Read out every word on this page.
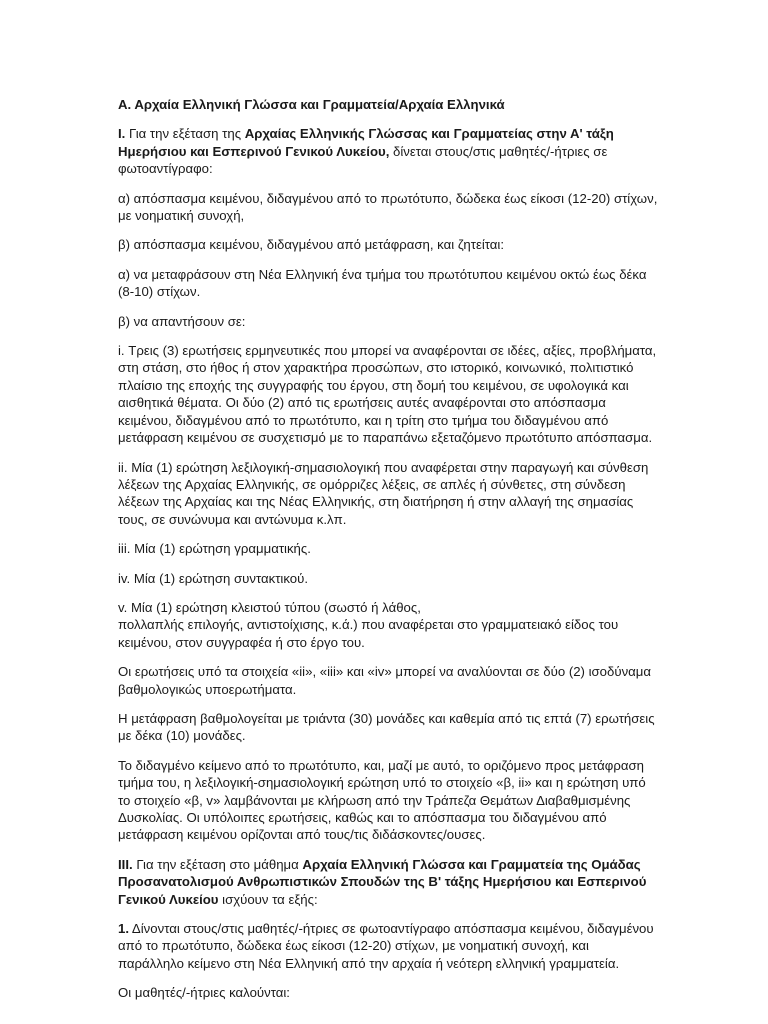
Α. Αρχαία Ελληνική Γλώσσα και Γραμματεία/Αρχαία Ελληνικά

Ι. Για την εξέταση της Αρχαίας Ελληνικής Γλώσσας και Γραμματείας στην Α' τάξη Ημερήσιου και Εσπερινού Γενικού Λυκείου, δίνεται στους/στις μαθητές/-ήτριες σε φωτοαντίγραφο:

α) απόσπασμα κειμένου, διδαγμένου από το πρωτότυπο, δώδεκα έως είκοσι (12-20) στίχων, με νοηματική συνοχή,

β) απόσπασμα κειμένου, διδαγμένου από μετάφραση, και ζητείται:

α) να μεταφράσουν στη Νέα Ελληνική ένα τμήμα του πρωτότυπου κειμένου οκτώ έως δέκα (8-10) στίχων.

β) να απαντήσουν σε:

i. Τρεις (3) ερωτήσεις ερμηνευτικές που μπορεί να αναφέρονται σε ιδέες, αξίες, προβλήματα, στη στάση, στο ήθος ή στον χαρακτήρα προσώπων, στο ιστορικό, κοινωνικό, πολιτιστικό πλαίσιο της εποχής της συγγραφής του έργου, στη δομή του κειμένου, σε υφολογικά και αισθητικά θέματα. Οι δύο (2) από τις ερωτήσεις αυτές αναφέρονται στο απόσπασμα κειμένου, διδαγμένου από το πρωτότυπο, και η τρίτη στο τμήμα του διδαγμένου από μετάφραση κειμένου σε συσχετισμό με το παραπάνω εξεταζόμενο πρωτότυπο απόσπασμα.

ii. Μία (1) ερώτηση λεξιλογική-σημασιολογική που αναφέρεται στην παραγωγή και σύνθεση λέξεων της Αρχαίας Ελληνικής, σε ομόρριζες λέξεις, σε απλές ή σύνθετες, στη σύνδεση λέξεων της Αρχαίας και της Νέας Ελληνικής, στη διατήρηση ή στην αλλαγή της σημασίας τους, σε συνώνυμα και αντώνυμα κ.λπ.

iii. Μία (1) ερώτηση γραμματικής.

iv. Μία (1) ερώτηση συντακτικού.

v. Μία (1) ερώτηση κλειστού τύπου (σωστό ή λάθος,
πολλαπλής επιλογής, αντιστοίχισης, κ.ά.) που αναφέρεται στο γραμματειακό είδος του κειμένου, στον συγγραφέα ή στο έργο του.

Οι ερωτήσεις υπό τα στοιχεία «ii», «iii» και «iv» μπορεί να αναλύονται σε δύο (2) ισοδύναμα βαθμολογικώς υποερωτήματα.

Η μετάφραση βαθμολογείται με τριάντα (30) μονάδες και καθεμία από τις επτά (7) ερωτήσεις με δέκα (10) μονάδες.

Το διδαγμένο κείμενο από το πρωτότυπο, και, μαζί με αυτό, το οριζόμενο προς μετάφραση τμήμα του, η λεξιλογική-σημασιολογική ερώτηση υπό το στοιχείο «β, ii» και η ερώτηση υπό το στοιχείο «β, v» λαμβάνονται με κλήρωση από την Τράπεζα Θεμάτων Διαβαθμισμένης Δυσκολίας. Οι υπόλοιπες ερωτήσεις, καθώς και το απόσπασμα του διδαγμένου από μετάφραση κειμένου ορίζονται από τους/τις διδάσκοντες/ουσες.

ΙΙΙ. Για την εξέταση στο μάθημα Αρχαία Ελληνική Γλώσσα και Γραμματεία της Ομάδας Προσανατολισμού Ανθρωπιστικών Σπουδών της Β' τάξης Ημερήσιου και Εσπερινού Γενικού Λυκείου ισχύουν τα εξής:

1. Δίνονται στους/στις μαθητές/-ήτριες σε φωτοαντίγραφο απόσπασμα κειμένου, διδαγμένου από το πρωτότυπο, δώδεκα έως είκοσι (12-20) στίχων, με νοηματική συνοχή, και παράλληλο κείμενο στη Νέα Ελληνική από την αρχαία ή νεότερη ελληνική γραμματεία.

Οι μαθητές/-ήτριες καλούνται:
